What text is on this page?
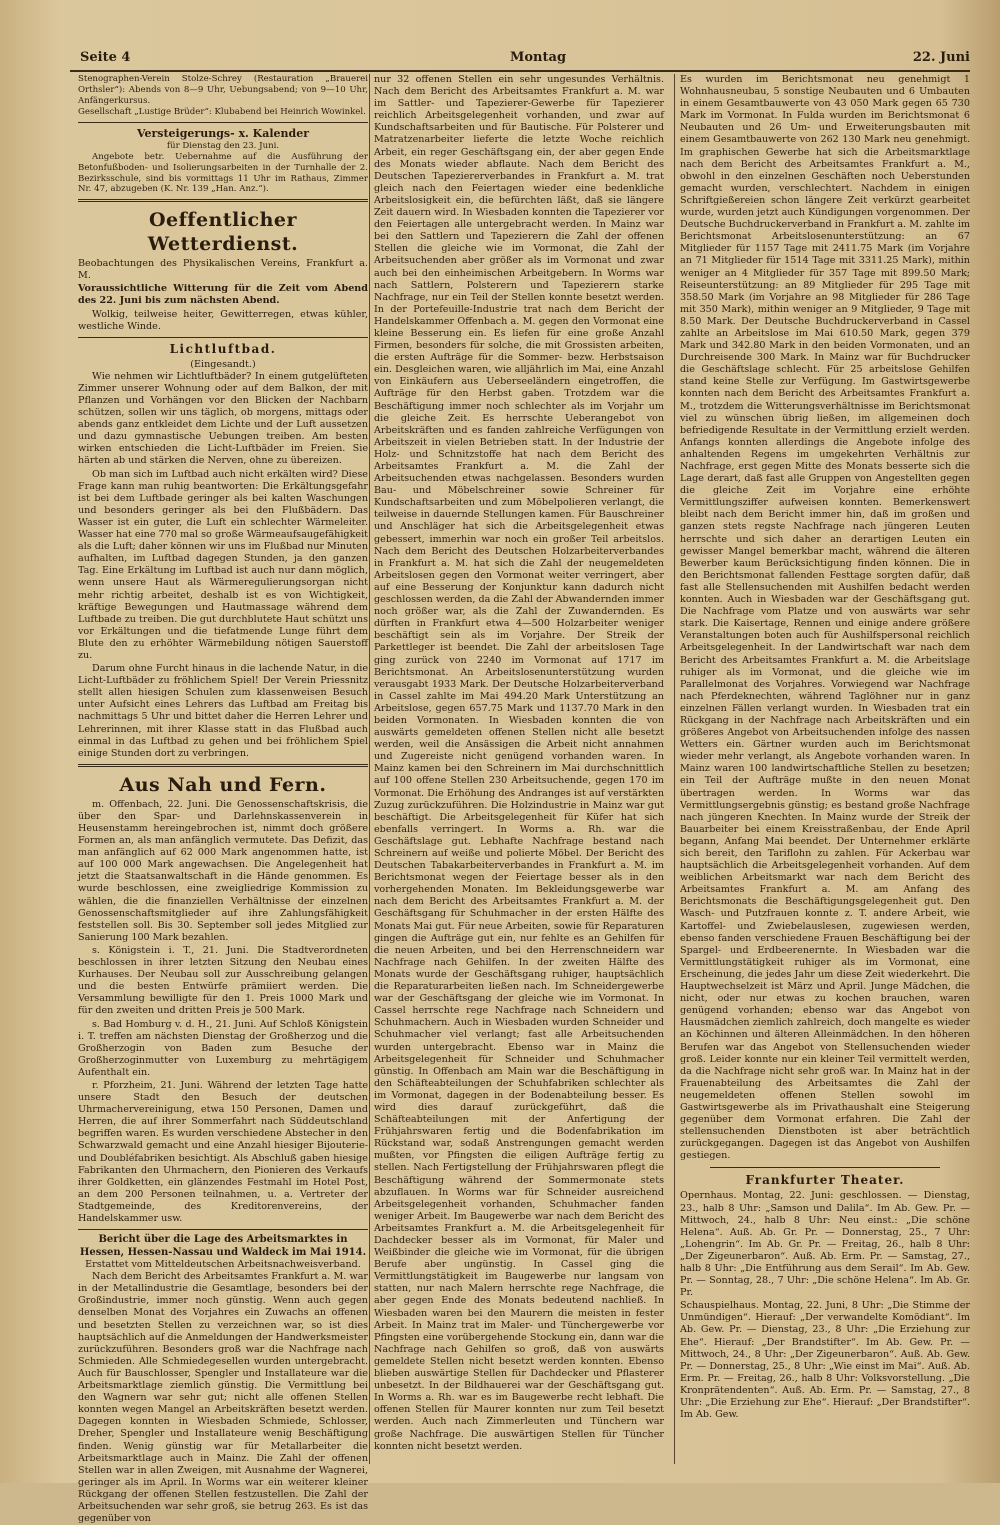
Seite 4	Montag	22. Juni

Stenographen-Verein Stolze-Schrey (Restauration „Brauerei Orthsler“): Abends von 8—9 Uhr, Uebungsabend; von 9—10 Uhr, Anfängerkursus.

Gesellschaft „Lustige Brüder“: Klubabend bei Heinrich Wowinkel.

Versteigerungs- x. Kalender
für Dienstag den 23. Juni.

Angebote betr. Uebernahme auf die Ausführung der Betonfußboden- und Isolierungsarbeiten in der Turnhalle der 2. Bezirksschule, sind bis vormittags 11 Uhr im Rathaus, Zimmer Nr. 47, abzugeben (K. Nr. 139 „Han. Anz.“).

Oeffentlicher Wetterdienst.

Beobachtungen des Physikalischen Vereins, Frankfurt a. M.

Voraussichtliche Witterung für die Zeit vom Abend des 22. Juni bis zum nächsten Abend.

Wolkig, teilweise heiter, Gewitterregen, etwas kühler, westliche Winde.

Lichtluftbad.
(Eingesandt.)

Wie nehmen wir Lichtluftbäder? In einem gutgelüfteten Zimmer unserer Wohnung oder auf dem Balkon, der mit Pflanzen und Vorhängen vor den Blicken der Nachbarn schützen, sollen wir uns täglich, ob morgens, mittags oder abends ganz entkleidet dem Lichte und der Luft aussetzen und dazu gymnastische Uebungen treiben. Am besten wirken entschieden die Licht-Luftbäder im Freien. Sie härten ab und stärken die Nerven, ohne zu übereizen.

Ob man sich im Luftbad auch nicht erkälten wird? Diese Frage kann man ruhig beantworten: Die Erkältungsgefahr ist bei dem Luftbade geringer als bei kalten Waschungen und besonders geringer als bei den Flußbädern. Das Wasser ist ein guter, die Luft ein schlechter Wärmeleiter. Wasser hat eine 770 mal so große Wärmeaufsaugefähigkeit als die Luft; daher können wir uns im Flußbad nur Minuten aufhalten, im Luftbad dagegen Stunden, ja den ganzen Tag. Eine Erkältung im Luftbad ist auch nur dann möglich, wenn unsere Haut als Wärmeregulierungsorgan nicht mehr richtig arbeitet, deshalb ist es von Wichtigkeit, kräftige Bewegungen und Hautmassage während dem Luftbade zu treiben. Die gut durchblutete Haut schützt uns vor Erkältungen und die tiefatmende Lunge führt dem Blute den zu erhöhter Wärmebildung nötigen Sauerstoff zu.

Darum ohne Furcht hinaus in die lachende Natur, in die Licht-Luftbäder zu fröhlichem Spiel! Der Verein Priessnitz stellt allen hiesigen Schulen zum klassenweisen Besuch unter Aufsicht eines Lehrers das Luftbad am Freitag bis nachmittags 5 Uhr und bittet daher die Herren Lehrer und Lehrerinnen, mit ihrer Klasse statt in das Flußbad auch einmal in das Luftbad zu gehen und bei fröhlichem Spiel einige Stunden dort zu verbringen.

Aus Nah und Fern.

m. Offenbach, 22. Juni. Die Genossenschaftskrisis, die über den Spar- und Darlehnskassenverein in Heusenstamm hereingebrochen ist, nimmt doch größere Formen an, als man anfänglich vermutete. Das Defizit, das man anfänglich auf 62 000 Mark angenommen hatte, ist auf 100 000 Mark angewachsen. Die Angelegenheit hat jetzt die Staatsanwaltschaft in die Hände genommen. Es wurde beschlossen, eine zweigliedrige Kommission zu wählen, die die finanziellen Verhältnisse der einzelnen Genossenschaftsmitglieder auf ihre Zahlungsfähigkeit feststellen soll. Bis 30. September soll jedes Mitglied zur Sanierung 100 Mark bezahlen.

s. Königstein i. T., 21. Juni. Die Stadtverordneten beschlossen in ihrer letzten Sitzung den Neubau eines Kurhauses. Der Neubau soll zur Ausschreibung gelangen und die besten Entwürfe prämiiert werden. Die Versammlung bewilligte für den 1. Preis 1000 Mark und für den zweiten und dritten Preis je 500 Mark.

s. Bad Homburg v. d. H., 21. Juni. Auf Schloß Königstein i. T. treffen am nächsten Dienstag der Großherzog und die Großherzogin von Baden zum Besuche der Großherzoginmutter von Luxemburg zu mehrtägigem Aufenthalt ein.

r. Pforzheim, 21. Juni. Während der letzten Tage hatte unsere Stadt den Besuch der deutschen Uhrmachervereinigung, etwa 150 Personen, Damen und Herren, die auf ihrer Sommerfahrt nach Süddeutschland begriffen waren. Es wurden verschiedene Abstecher in den Schwarzwald gemacht und eine Anzahl hiesiger Bijouterie- und Doubléfabriken besichtigt. Als Abschluß gaben hiesige Fabrikanten den Uhrmachern, den Pionieren des Verkaufs ihrer Goldketten, ein glänzendes Festmahl im Hotel Post, an dem 200 Personen teilnahmen, u. a. Vertreter der Stadtgemeinde, des Kreditorenvereins, der Handelskammer usw.

Bericht über die Lage des Arbeitsmarktes in Hessen, Hessen-Nassau und Waldeck im Mai 1914.
Erstattet vom Mitteldeutschen Arbeitsnachweisverband.

Nach dem Bericht des Arbeitsamtes Frankfurt a. M. war in der Metallindustrie die Gesamtlage, besonders bei der Großindustrie, immer noch günstig. Wenn auch gegen denselben Monat des Vorjahres ein Zuwachs an offenen und besetzten Stellen zu verzeichnen war, so ist dies hauptsächlich auf die Anmeldungen der Handwerksmeister zurückzuführen. Besonders groß war die Nachfrage nach Schmieden. Alle Schmiedegesellen wurden untergebracht. Auch für Bauschlosser, Spengler und Installateure war die Arbeitsmarktlage ziemlich günstig. Die Vermittlung bei den Wagnern war sehr gut; nicht alle offenen Stellen konnten wegen Mangel an Arbeitskräften besetzt werden. Dagegen konnten in Wiesbaden Schmiede, Schlosser, Dreher, Spengler und Installateure wenig Beschäftigung finden. Wenig günstig war für Metallarbeiter die Arbeitsmarktlage auch in Mainz. Die Zahl der offenen Stellen war in allen Zweigen, mit Ausnahme der Wagnerei, geringer als im April. In Worms war ein weiterer kleiner Rückgang der offenen Stellen festzustellen. Die Zahl der Arbeitsuchenden war sehr groß, sie betrug 263. Es ist das gegenüber von

nur 32 offenen Stellen ein sehr ungesundes Verhältnis. Nach dem Bericht des Arbeitsamtes Frankfurt a. M. war im Sattler- und Tapezierer-Gewerbe für Tapezierer reichlich Arbeitsgelegenheit vorhanden, und zwar auf Kundschaftsarbeiten und für Bautische. Für Polsterer und Matratzenarbeiter lieferte die letzte Woche reichlich Arbeit, ein reger Geschäftsgang ein, der aber gegen Ende des Monats wieder abflaute. Nach dem Bericht des Deutschen Tapeziererverbandes in Frankfurt a. M. trat gleich nach den Feiertagen wieder eine bedenkliche Arbeitslosigkeit ein, die befürchten läßt, daß sie längere Zeit dauern wird. In Wiesbaden konnten die Tapezierer vor den Feiertagen alle untergebracht werden. In Mainz war bei den Sattlern und Tapezierern die Zahl der offenen Stellen die gleiche wie im Vormonat, die Zahl der Arbeitsuchenden aber größer als im Vormonat und zwar auch bei den einheimischen Arbeitgebern. In Worms war nach Sattlern, Polsterern und Tapezierern starke Nachfrage, nur ein Teil der Stellen konnte besetzt werden. In der Portefeuille-Industrie trat nach dem Bericht der Handelskammer Offenbach a. M. gegen den Vormonat eine kleine Besserung ein. Es liefen für eine große Anzahl Firmen, besonders für solche, die mit Grossisten arbeiten, die ersten Aufträge für die Sommer- bezw. Herbstsaison ein. Desgleichen waren, wie alljährlich im Mai, eine Anzahl von Einkäufern aus Ueberseeländern eingetroffen, die Aufträge für den Herbst gaben. Trotzdem war die Beschäftigung immer noch schlechter als im Vorjahr um die gleiche Zeit. Es herrschte Ueberangebot von Arbeitskräften und es fanden zahlreiche Verfügungen von Arbeitszeit in vielen Betrieben statt. In der Industrie der Holz- und Schnitzstoffe hat nach dem Bericht des Arbeitsamtes Frankfurt a. M. die Zahl der Arbeitsuchenden etwas nachgelassen. Besonders wurden Bau- und Möbelschreiner sowie Schreiner für Kundschaftsarbeiten und zum Möbelpolieren verlangt, die teilweise in dauernde Stellungen kamen. Für Bauschreiner und Anschläger hat sich die Arbeitsgelegenheit etwas gebessert, immerhin war noch ein großer Teil arbeitslos. Nach dem Bericht des Deutschen Holzarbeiterverbandes in Frankfurt a. M. hat sich die Zahl der neugemeldeten Arbeitslosen gegen den Vormonat weiter verringert, aber auf eine Besserung der Konjunktur kann dadurch nicht geschlossen werden, da die Zahl der Abwandernden immer noch größer war, als die Zahl der Zuwandernden. Es dürften in Frankfurt etwa 4—500 Holzarbeiter weniger beschäftigt sein als im Vorjahre. Der Streik der Parkettleger ist beendet. Die Zahl der arbeitslosen Tage ging zurück von 2240 im Vormonat auf 1717 im Berichtsmonat. An Arbeitslosenunterstützung wurden verausgabt 1933 Mark. Der Deutsche Holzarbeiterverband in Cassel zahlte im Mai 494.20 Mark Unterstützung an Arbeitslose, gegen 657.75 Mark und 1137.70 Mark in den beiden Vormonaten. In Wiesbaden konnten die von auswärts gemeldeten offenen Stellen nicht alle besetzt werden, weil die Ansässigen die Arbeit nicht annahmen und Zugereiste nicht genügend vorhanden waren. In Mainz kamen bei den Schreinern im Mai durchschnittlich auf 100 offene Stellen 230 Arbeitsuchende, gegen 170 im Vormonat. Die Erhöhung des Andranges ist auf verstärkten Zuzug zurückzuführen. Die Holzindustrie in Mainz war gut beschäftigt. Die Arbeitsgelegenheit für Küfer hat sich ebenfalls verringert. In Worms a. Rh. war die Geschäftslage gut. Lebhafte Nachfrage bestand nach Schreinern auf weiße und polierte Möbel. Der Bericht des Deutschen Tabakarbeiterverbandes in Frankfurt a. M. im Berichtsmonat wegen der Feiertage besser als in den vorhergehenden Monaten. Im Bekleidungsgewerbe war nach dem Bericht des Arbeitsamtes Frankfurt a. M. der Geschäftsgang für Schuhmacher in der ersten Hälfte des Monats Mai gut. Für neue Arbeiten, sowie für Reparaturen gingen die Aufträge gut ein, nur fehlte es an Gehilfen für die neuen Arbeiten, und bei den Herrenschneidern war Nachfrage nach Gehilfen. In der zweiten Hälfte des Monats wurde der Geschäftsgang ruhiger, hauptsächlich die Reparaturarbeiten ließen nach. Im Schneidergewerbe war der Geschäftsgang der gleiche wie im Vormonat. In Cassel herrschte rege Nachfrage nach Schneidern und Schuhmachern. Auch in Wiesbaden wurden Schneider und Schuhmacher viel verlangt; fast alle Arbeitsuchenden wurden untergebracht. Ebenso war in Mainz die Arbeitsgelegenheit für Schneider und Schuhmacher günstig. In Offenbach am Main war die Beschäftigung in den Schäfteabteilungen der Schuhfabriken schlechter als im Vormonat, dagegen in der Bodenabteilung besser. Es wird dies darauf zurückgeführt, daß die Schäfteabteilungen mit der Anfertigung der Frühjahrswaren fertig und die Bodenfabrikation im Rückstand war, sodaß Anstrengungen gemacht werden mußten, vor Pfingsten die eiligen Aufträge fertig zu stellen. Nach Fertigstellung der Frühjahrswaren pflegt die Beschäftigung während der Sommermonate stets abzuflauen. In Worms war für Schneider ausreichend Arbeitsgelegenheit vorhanden, Schuhmacher fanden weniger Arbeit. Im Baugewerbe war nach dem Bericht des Arbeitsamtes Frankfurt a. M. die Arbeitsgelegenheit für Dachdecker besser als im Vormonat, für Maler und Weißbinder die gleiche wie im Vormonat, für die übrigen Berufe aber ungünstig. In Cassel ging die Vermittlungstätigkeit im Baugewerbe nur langsam von statten, nur nach Malern herrschte rege Nachfrage, die aber gegen Ende des Monats bedeutend nachließ. In Wiesbaden waren bei den Maurern die meisten in fester Arbeit. In Mainz trat im Maler- und Tünchergewerbe vor Pfingsten eine vorübergehende Stockung ein, dann war die Nachfrage nach Gehilfen so groß, daß von auswärts gemeldete Stellen nicht besetzt werden konnten. Ebenso blieben auswärtige Stellen für Dachdecker und Pflasterer unbesetzt. In der Bildhauerei war der Geschäftsgang gut. In Worms a. Rh. war es im Baugewerbe recht lebhaft. Die offenen Stellen für Maurer konnten nur zum Teil besetzt werden. Auch nach Zimmerleuten und Tünchern war große Nachfrage. Die auswärtigen Stellen für Tüncher konnten nicht besetzt werden.

Es wurden im Berichtsmonat neu genehmigt 1 Wohnhausneubau, 5 sonstige Neubauten und 6 Umbauten in einem Gesamtbauwerte von 43 050 Mark gegen 65 730 Mark im Vormonat. In Fulda wurden im Berichtsmonat 6 Neubauten und 26 Um- und Erweiterungsbauten mit einem Gesamtbauwerte von 262 130 Mark neu genehmigt. Im graphischen Gewerbe hat sich die Arbeitsmarktlage nach dem Bericht des Arbeitsamtes Frankfurt a. M., obwohl in den einzelnen Geschäften noch Ueberstunden gemacht wurden, verschlechtert. Nachdem in einigen Schriftgießereien schon längere Zeit verkürzt gearbeitet wurde, wurden jetzt auch Kündigungen vorgenommen. Der Deutsche Buchdruckerverband in Frankfurt a. M. zahlte im Berichtsmonat Arbeitslosenunterstützung: an 67 Mitglieder für 1157 Tage mit 2411.75 Mark (im Vorjahre an 71 Mitglieder für 1514 Tage mit 3311.25 Mark), mithin weniger an 4 Mitglieder für 357 Tage mit 899.50 Mark; Reiseunterstützung: an 89 Mitglieder für 295 Tage mit 358.50 Mark (im Vorjahre an 98 Mitglieder für 286 Tage mit 350 Mark), mithin weniger an 9 Mitglieder, 9 Tage mit 8.50 Mark. Der Deutsche Buchdruckerverband in Cassel zahlte an Arbeitslose im Mai 610.50 Mark, gegen 379 Mark und 342.80 Mark in den beiden Vormonaten, und an Durchreisende 300 Mark. In Mainz war für Buchdrucker die Geschäftslage schlecht. Für 25 arbeitslose Gehilfen stand keine Stelle zur Verfügung. Im Gastwirtsgewerbe konnten nach dem Bericht des Arbeitsamtes Frankfurt a. M., trotzdem die Witterungsverhältnisse im Berichtsmonat viel zu wünschen übrig ließen, im allgemeinen doch befriedigende Resultate in der Vermittlung erzielt werden. Anfangs konnten allerdings die Angebote infolge des anhaltenden Regens im umgekehrten Verhältnis zur Nachfrage, erst gegen Mitte des Monats besserte sich die Lage derart, daß fast alle Gruppen von Angestellten gegen die gleiche Zeit im Vorjahre eine erhöhte Vermittlungsziffer aufweisen konnten. Bemerkenswert bleibt nach dem Bericht immer hin, daß im großen und ganzen stets regste Nachfrage nach jüngeren Leuten herrschte und sich daher an derartigen Leuten ein gewisser Mangel bemerkbar macht, während die älteren Bewerber kaum Berücksichtigung finden können. Die in den Berichtsmonat fallenden Festtage sorgten dafür, daß fast alle Stellensuchenden mit Aushilfen bedacht werden konnten. Auch in Wiesbaden war der Geschäftsgang gut. Die Nachfrage vom Platze und von auswärts war sehr stark. Die Kaisertage, Rennen und einige andere größere Veranstaltungen boten auch für Aushilfspersonal reichlich Arbeitsgelegenheit. In der Landwirtschaft war nach dem Bericht des Arbeitsamtes Frankfurt a. M. die Arbeitslage ruhiger als im Vormonat, und die gleiche wie im Parallelmonat des Vorjahres. Vorwiegend war Nachfrage nach Pferdeknechten, während Taglöhner nur in ganz einzelnen Fällen verlangt wurden. In Wiesbaden trat ein Rückgang in der Nachfrage nach Arbeitskräften und ein größeres Angebot von Arbeitsuchenden infolge des nassen Wetters ein. Gärtner wurden auch im Berichtsmonat wieder mehr verlangt, als Angebote vorhanden waren. In Mainz waren 100 landwirtschaftliche Stellen zu besetzen; ein Teil der Aufträge mußte in den neuen Monat übertragen werden. In Worms war das Vermittlungsergebnis günstig; es bestand große Nachfrage nach jüngeren Knechten. In Mainz wurde der Streik der Bauarbeiter bei einem Kreisstraßenbau, der Ende April begann, Anfang Mai beendet. Der Unternehmer erklärte sich bereit, den Tariflohn zu zahlen. Für Ackerbau war hauptsächlich die Arbeitsgelegenheit vorhanden. Auf dem weiblichen Arbeitsmarkt war nach dem Bericht des Arbeitsamtes Frankfurt a. M. am Anfang des Berichtsmonats die Beschäftigungsgelegenheit gut. Den Wasch- und Putzfrauen konnte z. T. andere Arbeit, wie Kartoffel- und Zwiebelauslesen, zugewiesen werden, ebenso fanden verschiedene Frauen Beschäftigung bei der Spargel- und Erdbeerenernte. In Wiesbaden war die Vermittlungstätigkeit ruhiger als im Vormonat, eine Erscheinung, die jedes Jahr um diese Zeit wiederkehrt. Die Hauptwechselzeit ist März und April. Junge Mädchen, die nicht, oder nur etwas zu kochen brauchen, waren genügend vorhanden; ebenso war das Angebot von Hausmädchen ziemlich zahlreich, doch mangelte es wieder an Köchinnen und älteren Alleinmädchen. In den höheren Berufen war das Angebot von Stellensuchenden wieder groß. Leider konnte nur ein kleiner Teil vermittelt werden, da die Nachfrage nicht sehr groß war. In Mainz hat in der Frauenabteilung des Arbeitsamtes die Zahl der neugemeldeten offenen Stellen sowohl im Gastwirtsgewerbe als im Privathaushalt eine Steigerung gegenüber dem Vormonat erfahren. Die Zahl der stellensuchenden Dienstboten ist aber beträchtlich zurückgegangen. Dagegen ist das Angebot von Aushilfen gestiegen.

Frankfurter Theater.

Opernhaus. Montag, 22. Juni: geschlossen. — Dienstag, 23., halb 8 Uhr: „Samson und Dalila“. Im Ab. Gew. Pr. — Mittwoch, 24., halb 8 Uhr: Neu einst.: „Die schöne Helena“. Auß. Ab. Gr. Pr. — Donnerstag, 25., 7 Uhr: „Lohengrin“. Im Ab. Gr. Pr. — Freitag, 26., halb 8 Uhr: „Der Zigeunerbaron“. Auß. Ab. Erm. Pr. — Samstag, 27., halb 8 Uhr: „Die Entführung aus dem Serail“. Im Ab. Gew. Pr. — Sonntag, 28., 7 Uhr: „Die schöne Helena“. Im Ab. Gr. Pr.

Schauspielhaus. Montag, 22. Juni, 8 Uhr: „Die Stimme der Unmündigen“. Hierauf: „Der verwandelte Komödiant“. Im Ab. Gew. Pr. — Dienstag, 23., 8 Uhr: „Die Erziehung zur Ehe“. Hierauf: „Der Brandstifter“. Im Ab. Gew. Pr. — Mittwoch, 24., 8 Uhr: „Der Zigeunerbaron“. Auß. Ab. Gew. Pr. — Donnerstag, 25., 8 Uhr: „Wie einst im Mai“. Auß. Ab. Erm. Pr. — Freitag, 26., halb 8 Uhr: Volksvorstellung. „Die Kronprätendenten“. Auß. Ab. Erm. Pr. — Samstag, 27., 8 Uhr: „Die Erziehung zur Ehe“. Hierauf: „Der Brandstifter“. Im Ab. Gew.
